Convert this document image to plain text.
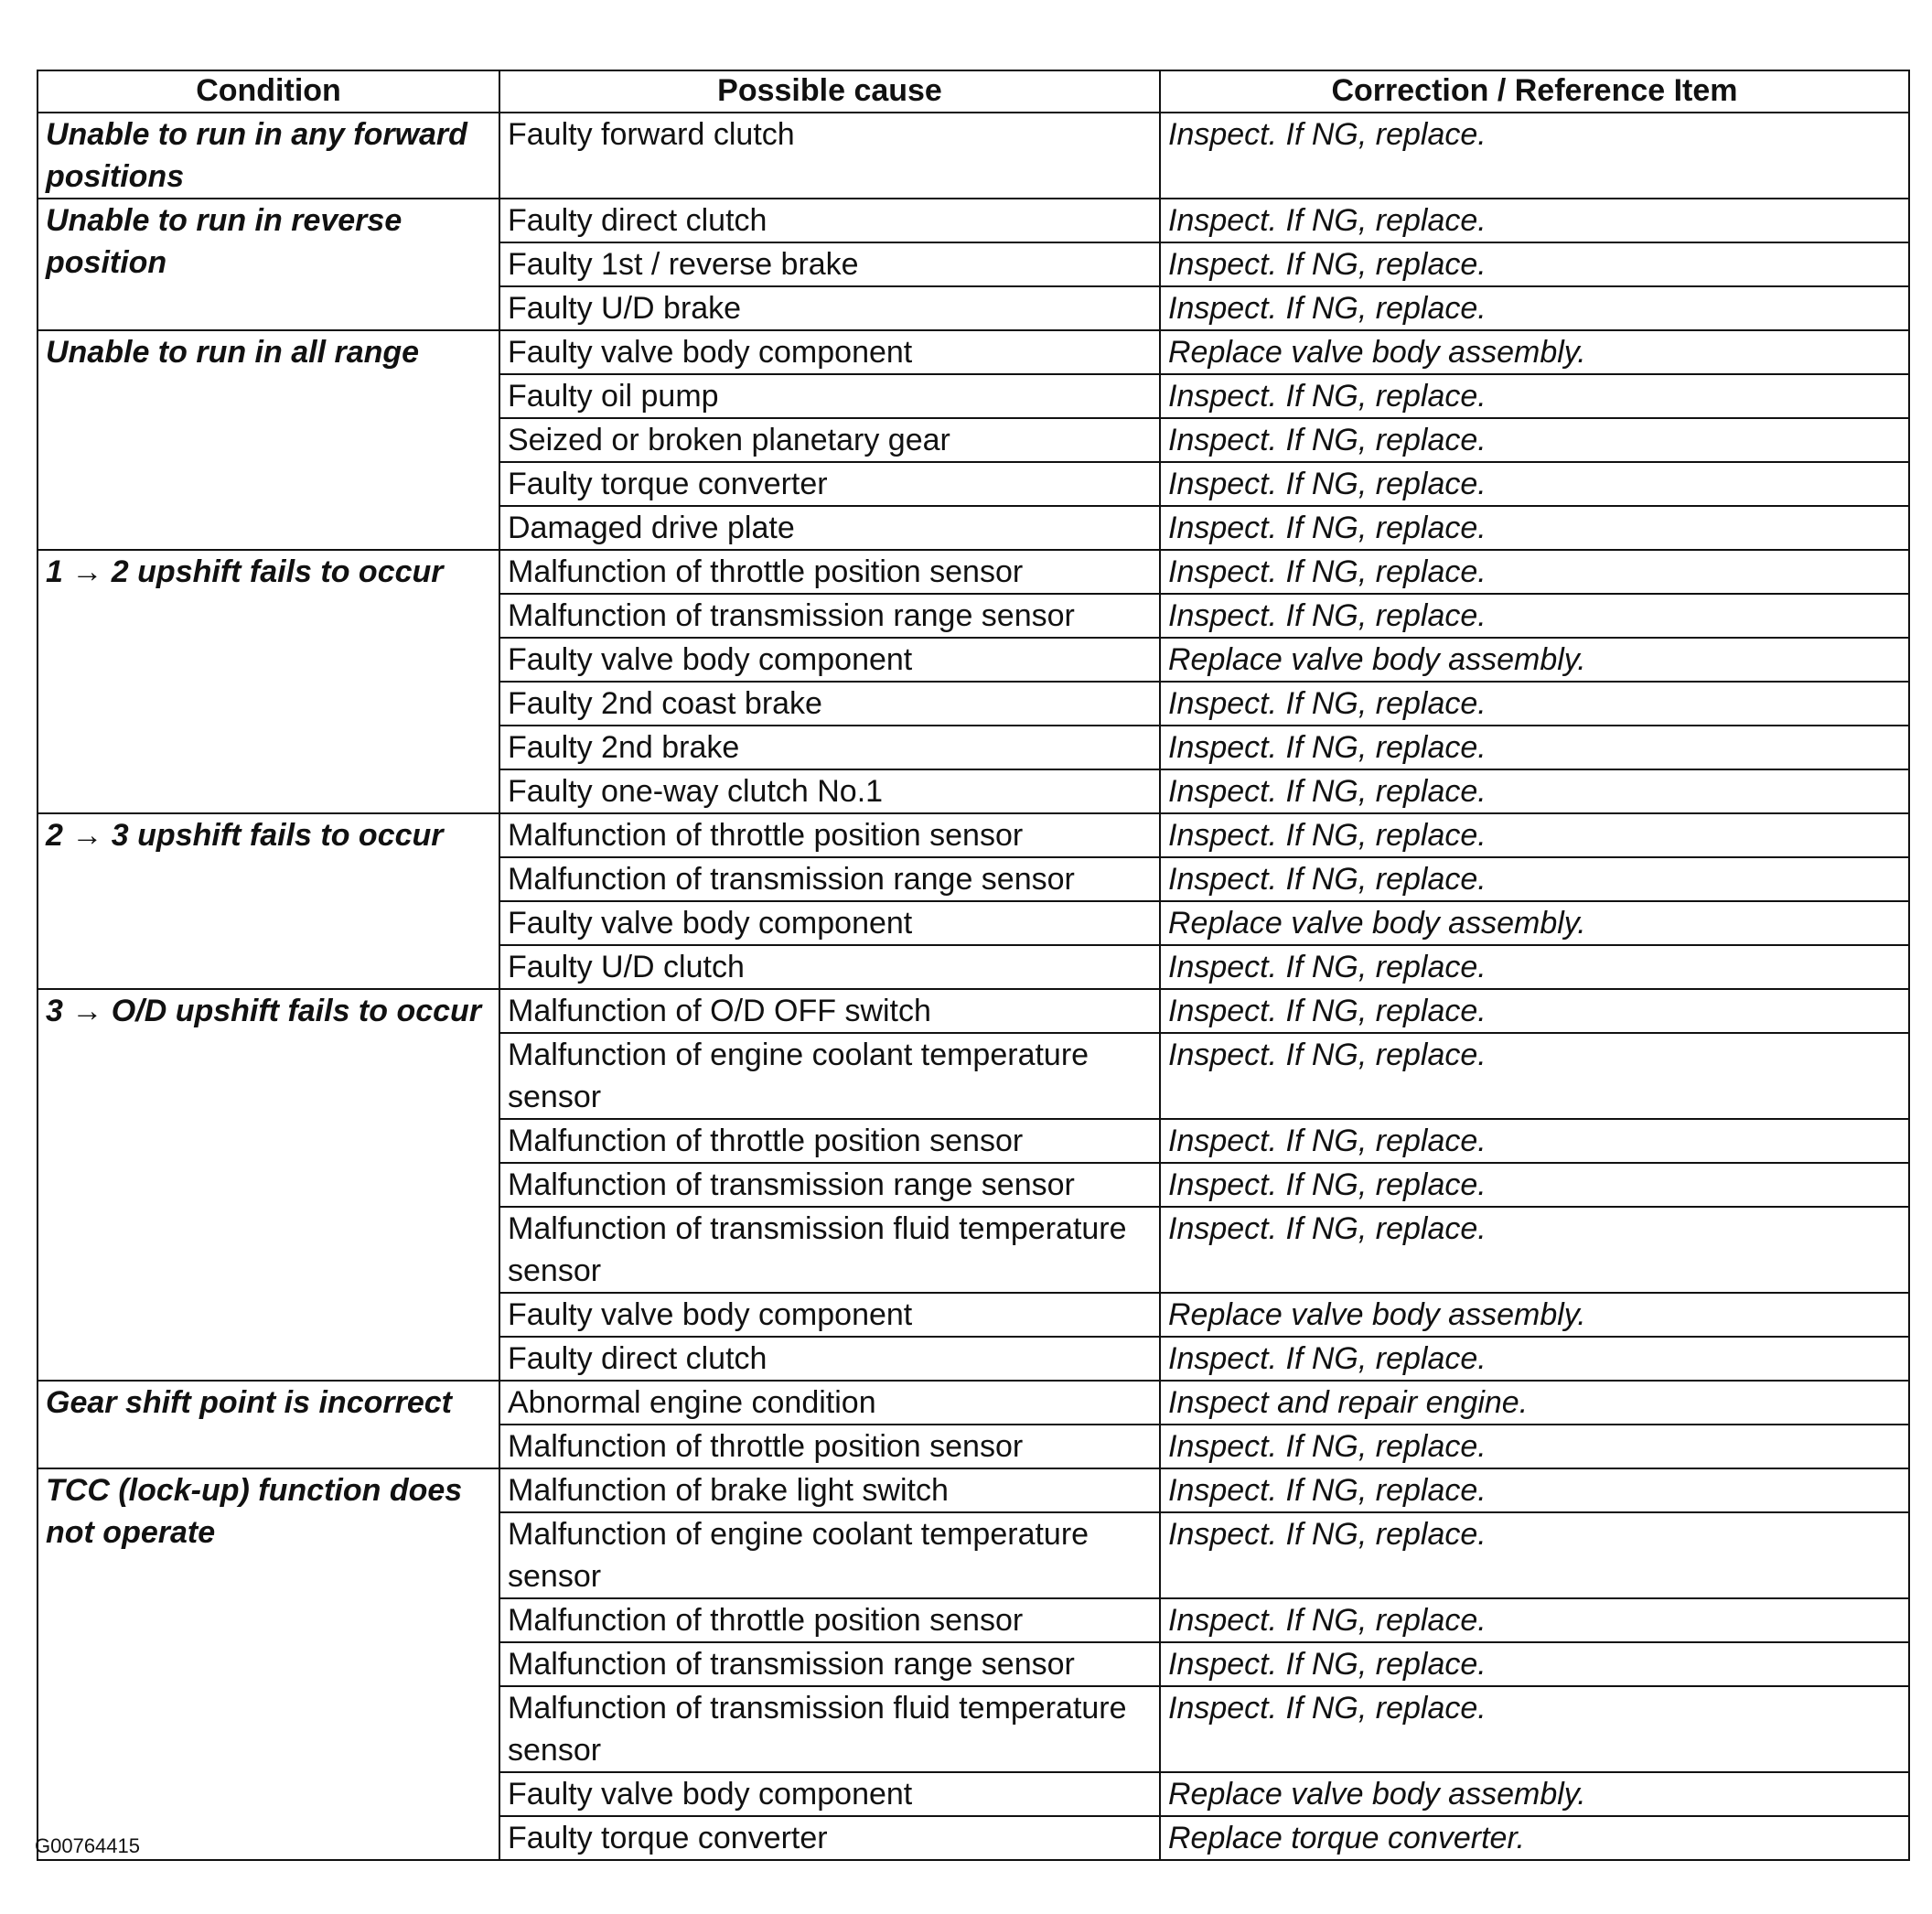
Condition	Possible cause	Correction / Reference Item
Unable to run in any forward positions	Faulty forward clutch	Inspect. If NG, replace.
Unable to run in reverse position	Faulty direct clutch	Inspect. If NG, replace.
	Faulty 1st / reverse brake	Inspect. If NG, replace.
	Faulty U/D brake	Inspect. If NG, replace.
Unable to run in all range	Faulty valve body component	Replace valve body assembly.
	Faulty oil pump	Inspect. If NG, replace.
	Seized or broken planetary gear	Inspect. If NG, replace.
	Faulty torque converter	Inspect. If NG, replace.
	Damaged drive plate	Inspect. If NG, replace.
1 → 2 upshift fails to occur	Malfunction of throttle position sensor	Inspect. If NG, replace.
	Malfunction of transmission range sensor	Inspect. If NG, replace.
	Faulty valve body component	Replace valve body assembly.
	Faulty 2nd coast brake	Inspect. If NG, replace.
	Faulty 2nd brake	Inspect. If NG, replace.
	Faulty one-way clutch No.1	Inspect. If NG, replace.
2 → 3 upshift fails to occur	Malfunction of throttle position sensor	Inspect. If NG, replace.
	Malfunction of transmission range sensor	Inspect. If NG, replace.
	Faulty valve body component	Replace valve body assembly.
	Faulty U/D clutch	Inspect. If NG, replace.
3 → O/D upshift fails to occur	Malfunction of O/D OFF switch	Inspect. If NG, replace.
	Malfunction of engine coolant temperature sensor	Inspect. If NG, replace.
	Malfunction of throttle position sensor	Inspect. If NG, replace.
	Malfunction of transmission range sensor	Inspect. If NG, replace.
	Malfunction of transmission fluid temperature sensor	Inspect. If NG, replace.
	Faulty valve body component	Replace valve body assembly.
	Faulty direct clutch	Inspect. If NG, replace.
Gear shift point is incorrect	Abnormal engine condition	Inspect and repair engine.
	Malfunction of throttle position sensor	Inspect. If NG, replace.
TCC (lock-up) function does not operate	Malfunction of brake light switch	Inspect. If NG, replace.
	Malfunction of engine coolant temperature sensor	Inspect. If NG, replace.
	Malfunction of throttle position sensor	Inspect. If NG, replace.
	Malfunction of transmission range sensor	Inspect. If NG, replace.
	Malfunction of transmission fluid temperature sensor	Inspect. If NG, replace.
	Faulty valve body component	Replace valve body assembly.
	Faulty torque converter	Replace torque converter.
G00764415
